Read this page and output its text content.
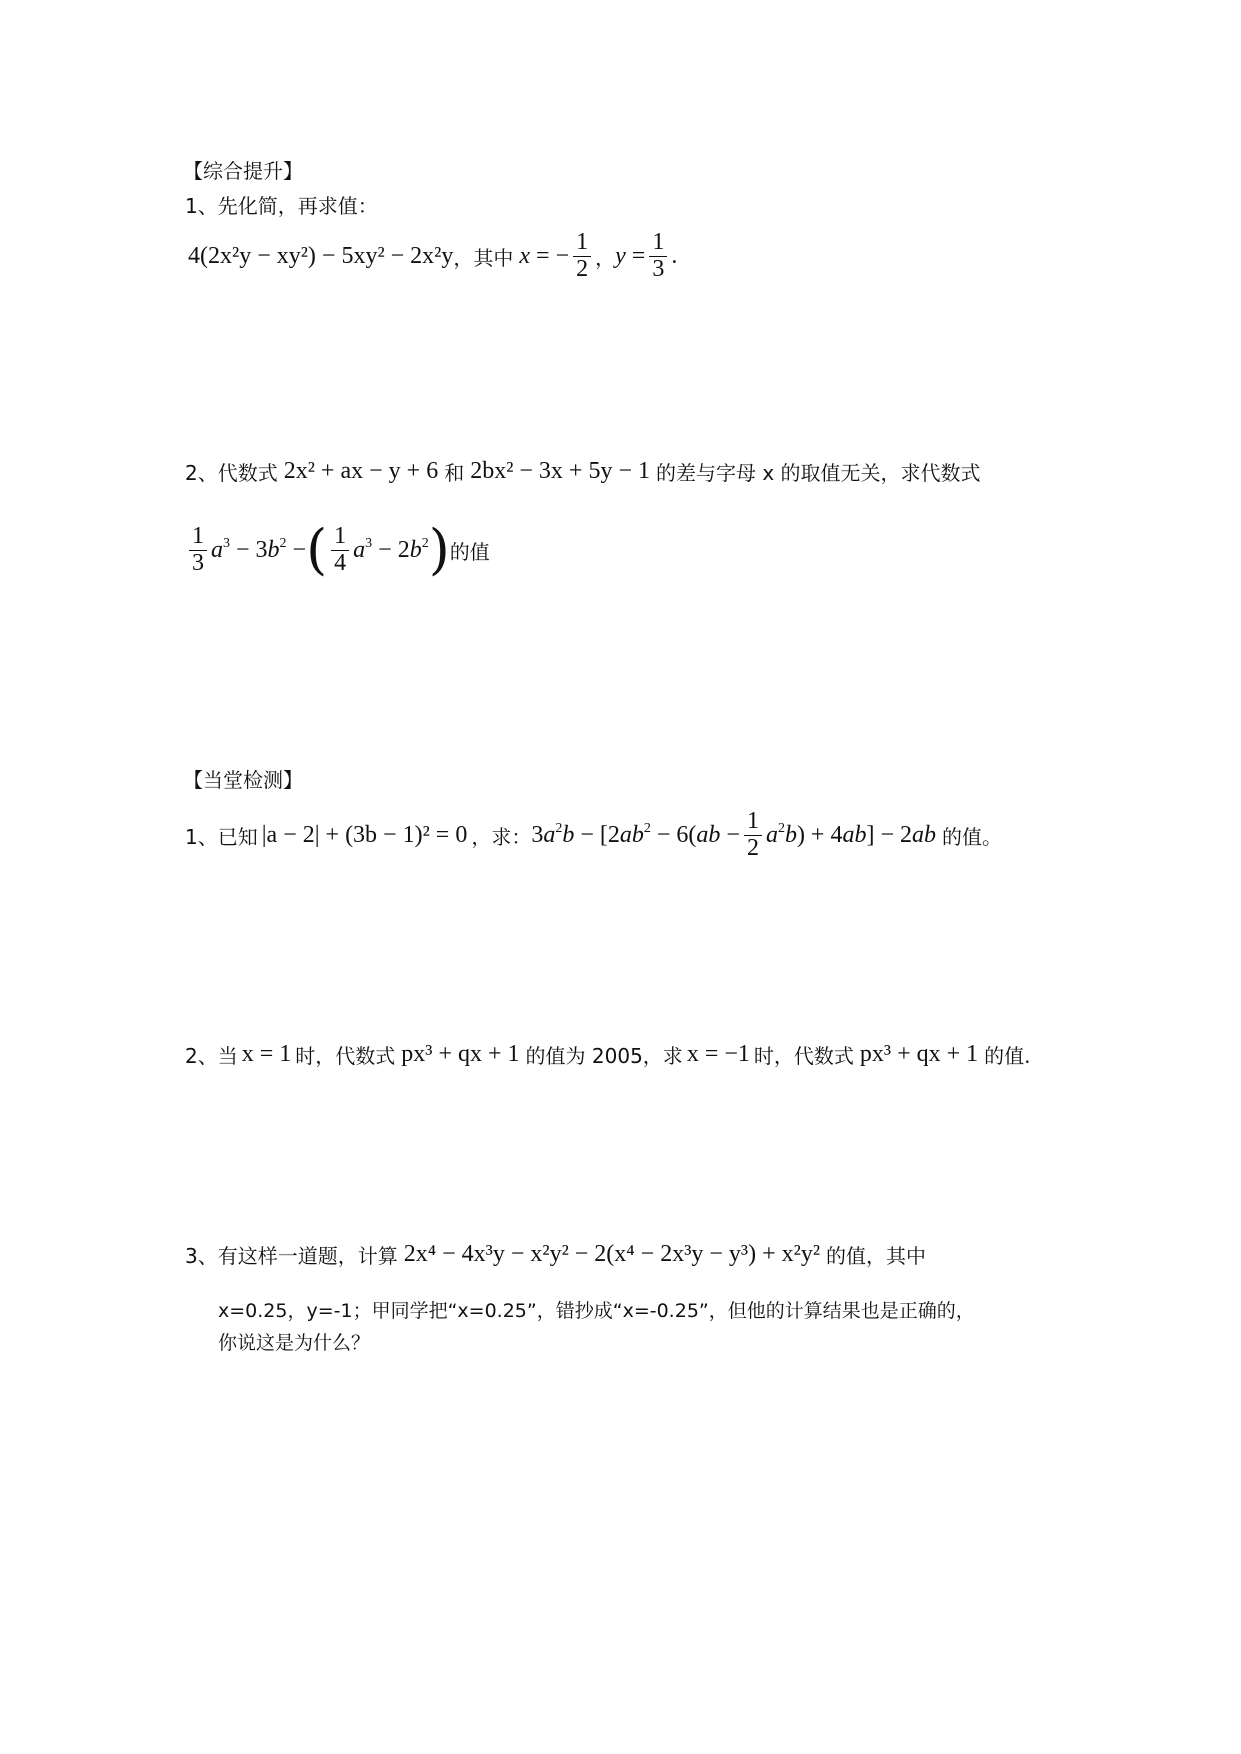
【综合提升】
1、先化简，再求值：
4(2x²y − xy²) − 5xy² − 2x²y ，其中 x = − $\frac{1}{2}$ ， $y = \frac{1}{3}$ .
2、代数式 2x² + ax − y + 6 和 2bx² − 3x + 5y − 1 的差与字母 x 的取值无关，求代数式
$\frac{1}{3} a^3 - 3b^2$ − ( $\frac{1}{4} a^3 - 2b^2$ ) 的值
【当堂检测】
1、已知 |a − 2| + (3b − 1)² = 0 ，求： $3a^2b - [2ab^2 - 6(ab - \frac{1}{2} a^2b) + 4ab] - 2ab$ 的值。
2、当 x = 1 时，代数式 px³ + qx + 1 的值为 2005，求 x = −1 时，代数式 px³ + qx + 1 的值.
3、有这样一道题，计算 2x⁴ − 4x³y − x²y² − 2(x⁴ − 2x³y − y³) + x²y² 的值，其中
x=0.25，y=-1；甲同学把“x=0.25”，错抄成“x=-0.25”，但他的计算结果也是正确的，
你说这是为什么？
